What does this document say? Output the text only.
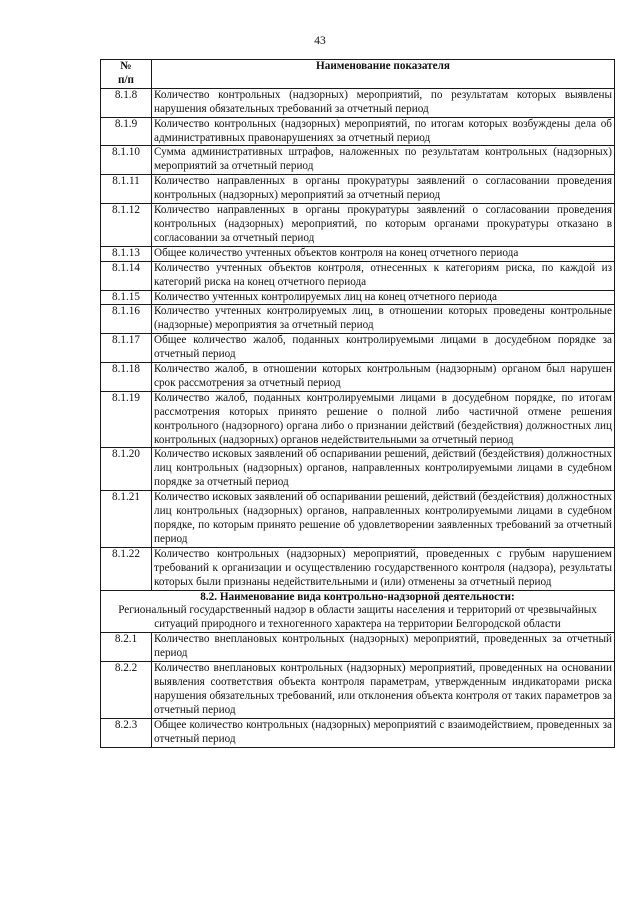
43
№
п/п	Наименование показателя
8.1.8	Количество контрольных (надзорных) мероприятий, по результатам которых выявлены нарушения обязательных требований за отчетный период
8.1.9	Количество контрольных (надзорных) мероприятий, по итогам которых возбуждены дела об административных правонарушениях за отчетный период
8.1.10	Сумма административных штрафов, наложенных по результатам контрольных (надзорных) мероприятий за отчетный период
8.1.11	Количество направленных в органы прокуратуры заявлений о согласовании проведения контрольных (надзорных) мероприятий за отчетный период
8.1.12	Количество направленных в органы прокуратуры заявлений о согласовании проведения контрольных (надзорных) мероприятий, по которым органами прокуратуры отказано в согласовании за отчетный период
8.1.13	Общее количество учтенных объектов контроля на конец отчетного периода
8.1.14	Количество учтенных объектов контроля, отнесенных к категориям риска, по каждой из категорий риска на конец отчетного периода
8.1.15	Количество учтенных контролируемых лиц на конец отчетного периода
8.1.16	Количество учтенных контролируемых лиц, в отношении которых проведены контрольные (надзорные) мероприятия за отчетный период
8.1.17	Общее количество жалоб, поданных контролируемыми лицами в досудебном порядке за отчетный период
8.1.18	Количество жалоб, в отношении которых контрольным (надзорным) органом был нарушен срок рассмотрения за отчетный период
8.1.19	Количество жалоб, поданных контролируемыми лицами в досудебном порядке, по итогам рассмотрения которых принято решение о полной либо частичной отмене решения контрольного (надзорного) органа либо о признании действий (бездействия) должностных лиц контрольных (надзорных) органов недействительными за отчетный период
8.1.20	Количество исковых заявлений об оспаривании решений, действий (бездействия) должностных лиц контрольных (надзорных) органов, направленных контролируемыми лицами в судебном порядке за отчетный период
8.1.21	Количество исковых заявлений об оспаривании решений, действий (бездействия) должностных лиц контрольных (надзорных) органов, направленных контролируемыми лицами в судебном порядке, по которым принято решение об удовлетворении заявленных требований за отчетный период
8.1.22	Количество контрольных (надзорных) мероприятий, проведенных с грубым нарушением требований к организации и осуществлению государственного контроля (надзора), результаты которых были признаны недействительными и (или) отменены за отчетный период

8.2. Наименование вида контрольно-надзорной деятельности:
Региональный государственный надзор в области защиты населения и территорий от чрезвычайных ситуаций природного и техногенного характера на территории Белгородской области	

8.2.1	Количество внеплановых контрольных (надзорных) мероприятий, проведенных за отчетный период
8.2.2	Количество внеплановых контрольных (надзорных) мероприятий, проведенных на основании выявления соответствия объекта контроля параметрам, утвержденным индикаторами риска нарушения обязательных требований, или отклонения объекта контроля от таких параметров за отчетный период
8.2.3	Общее количество контрольных (надзорных) мероприятий с взаимодействием, проведенных за отчетный период
